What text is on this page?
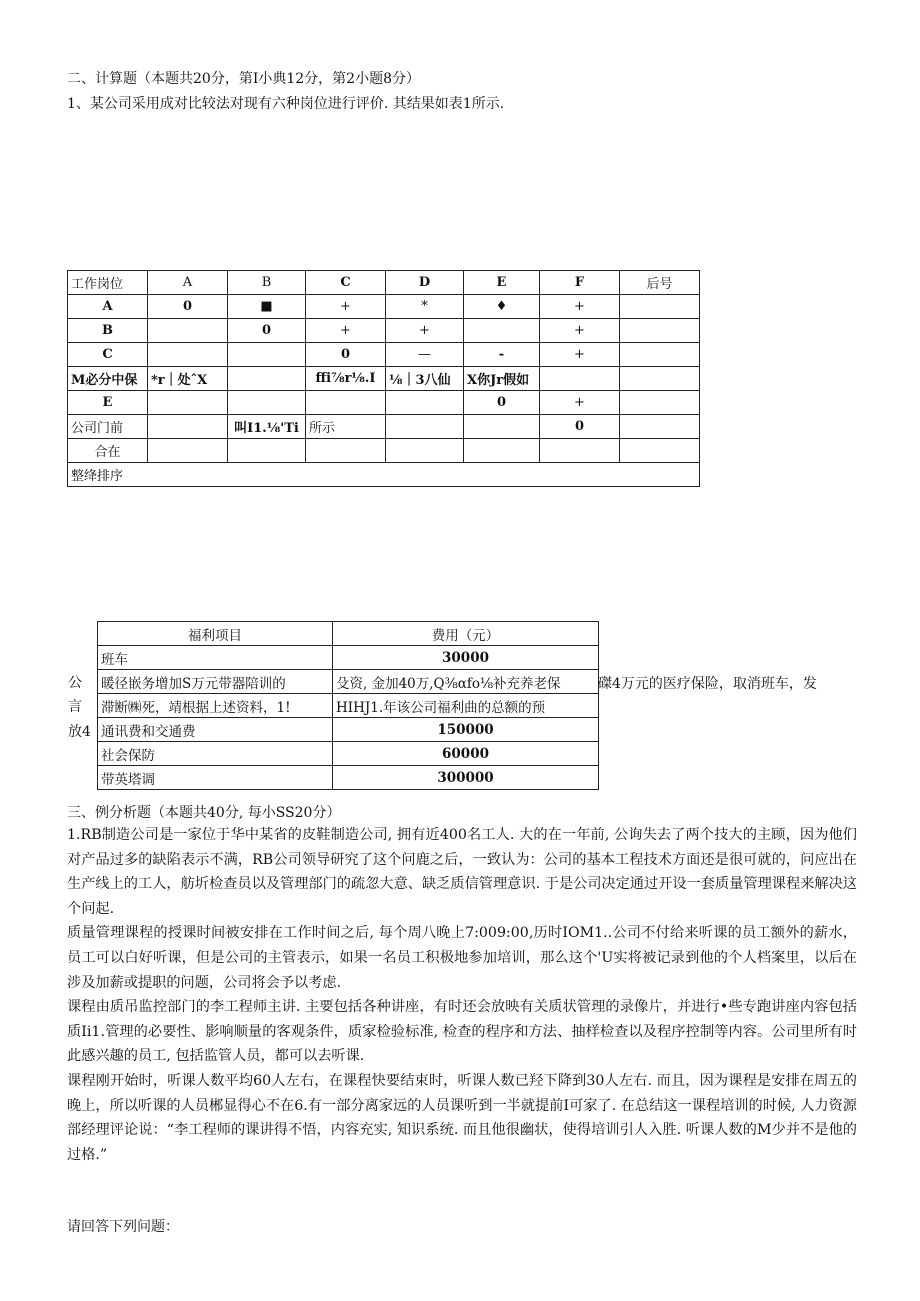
二、计算题（本题共20分，第I小典12分，第2小题8分）
1、某公司采用成对比较法对现有六种岗位进行评价. 其结果如表1所示.
工作岗位	A	B	C	D	E	F	后号
A	0	■	+	*	♦	+	
B		0	+	+		+	
C			0	—	-	+	
M必分中保	*r｜处ˆX		ffi⅞r⅛.I	⅛｜3八仙	X你Jr假如		
E					0	+	
公司门前		叫I1.⅛'Ti	所示			0	
合在							
整绛排序							
公
言
放4
福利项目	费用（元）
班车	30000
暖径嵌务增加S万元带器陪训的	殳资, 金加40万,Q⅜αfo⅛补充养老保
滞断㈱死，靖根据上述资料，1!	HIHJ1.年该公司福利曲的总额的预
通讯费和交通费	150000
社会保防	60000
带英塔调	300000
磔4万元的医疗保险，取消班车，发
三、例分析题（本题共40分, 每小SS20分）

1.RB制造公司是一家位于华中某省的皮鞋制造公司, 拥有近400名工人. 大的在一年前, 公询失去了两个技大的主顾，因为他们对产品过多的缺陷表示不满，RB公司领导研究了这个问鹿之后，一致认为：公司的基本工程技术方面还是很可就的，问应出在生产线上的工人，舫圻检查员以及管理部门的疏忽大意、缺乏质信管理意识. 于是公司决定通过开设一套质量管理课程来解决这个问起.

质量管理课程的授课时间被安排在工作时间之后, 每个周八晚上7:009:00,历时IOM1..公司不付给来听课的员工额外的薪水，员工可以白好听课，但是公司的主管表示，如果一名员工积极地参加培训，那么这个'U实将被记录到他的个人档案里，以后在涉及加薪或提职的问题，公司将会予以考虑.

课程由质吊监控部门的李工程师主讲. 主要包括各种讲座，有时还会放映有关质状管理的录像片，并进行•些专跑讲座内容包括质Ii1.管理的必要性、影响顺量的客观条件，质家检验标准, 检查的程序和方法、抽样检查以及程序控制等内容。公司里所有时此感兴趣的员工, 包括监管人员，都可以去听课.

课程刚开始时，听课人数平均60人左右，在课程快要结束时，听课人数已羟下降到30人左右. 而且，因为课程是安排在周五的晚上，所以听课的人员郴显得心不在6.有一部分离家远的人员课听到一半就提前I可家了. 在总结这一课程培训的时候, 人力资源部经理评论说：“李工程师的课讲得不悟，内容充实, 知识系统. 而且他很幽状，使得培训引人入胜. 听课人数的M少并不是他的过格.”

请回答下列问题：
